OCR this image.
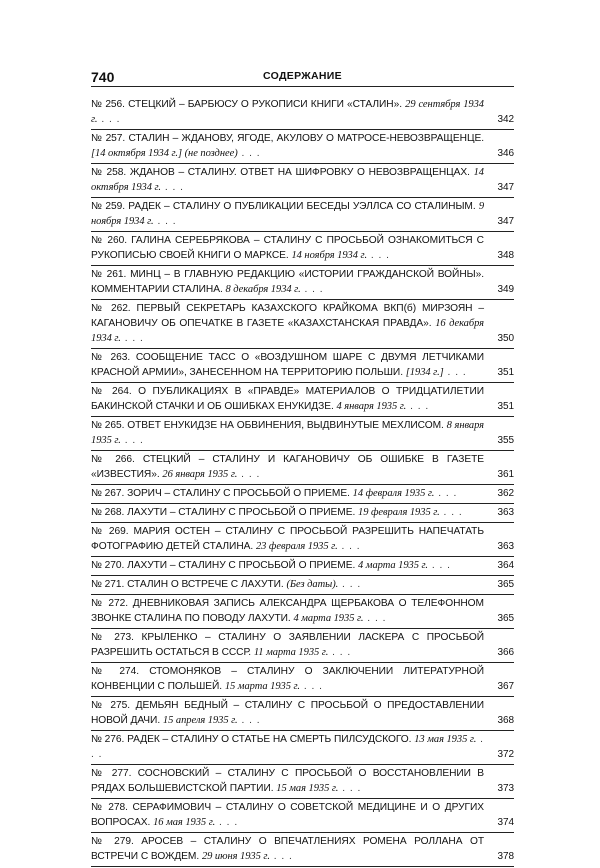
740	СОДЕРЖАНИЕ
№ 256. СТЕЦКИЙ – БАРБЮСУ О РУКОПИСИ КНИГИ «СТАЛИН». 29 сентября 1934 г. . . .	342
№ 257. СТАЛИН – ЖДАНОВУ, ЯГОДЕ, АКУЛОВУ О МАТРОСЕ-НЕВОЗВРАЩЕНЦЕ. [14 октября 1934 г.] (не позднее) . . .	346
№ 258. ЖДАНОВ – СТАЛИНУ. ОТВЕТ НА ШИФРОВКУ О НЕВОЗВРАЩЕНЦАХ. 14 октября 1934 г. . . .	347
№ 259. РАДЕК – СТАЛИНУ О ПУБЛИКАЦИИ БЕСЕДЫ УЭЛЛСА СО СТАЛИНЫМ. 9 ноября 1934 г. . . .	347
№ 260. ГАЛИНА СЕРЕБРЯКОВА – СТАЛИНУ С ПРОСЬБОЙ ОЗНАКОМИТЬСЯ С РУКОПИСЬЮ СВОЕЙ КНИГИ О МАРКСЕ. 14 ноября 1934 г. . . .	348
№ 261. МИНЦ – В ГЛАВНУЮ РЕДАКЦИЮ «ИСТОРИИ ГРАЖДАНСКОЙ ВОЙНЫ». КОММЕНТАРИИ СТАЛИНА. 8 декабря 1934 г. . . .	349
№ 262. ПЕРВЫЙ СЕКРЕТАРЬ КАЗАХСКОГО КРАЙКОМА ВКП(б) МИРЗОЯН – КАГАНОВИЧУ ОБ ОПЕЧАТКЕ В ГАЗЕТЕ «КАЗАХСТАНСКАЯ ПРАВДА». 16 декабря 1934 г. . . .	350
№ 263. СООБЩЕНИЕ ТАСС О «ВОЗДУШНОМ ШАРЕ С ДВУМЯ ЛЕТЧИКАМИ КРАСНОЙ АРМИИ», ЗАНЕСЕННОМ НА ТЕРРИТОРИЮ ПОЛЬШИ. [1934 г.] . . .	351
№ 264. О ПУБЛИКАЦИЯХ В «ПРАВДЕ» МАТЕРИАЛОВ О ТРИДЦАТИЛЕТИИ БАКИНСКОЙ СТАЧКИ И ОБ ОШИБКАХ ЕНУКИДЗЕ. 4 января 1935 г. . . .	351
№ 265. ОТВЕТ ЕНУКИДЗЕ НА ОБВИНЕНИЯ, ВЫДВИНУТЫЕ МЕХЛИСОМ. 8 января 1935 г. . . .	355
№ 266. СТЕЦКИЙ – СТАЛИНУ И КАГАНОВИЧУ ОБ ОШИБКЕ В ГАЗЕТЕ «ИЗВЕСТИЯ». 26 января 1935 г. . . .	361
№ 267. ЗОРИЧ – СТАЛИНУ С ПРОСЬБОЙ О ПРИЕМЕ. 14 февраля 1935 г. . . .	362
№ 268. ЛАХУТИ – СТАЛИНУ С ПРОСЬБОЙ О ПРИЕМЕ. 19 февраля 1935 г. . . .	363
№ 269. МАРИЯ ОСТЕН – СТАЛИНУ С ПРОСЬБОЙ РАЗРЕШИТЬ НАПЕЧАТАТЬ ФОТОГРАФИЮ ДЕТЕЙ СТАЛИНА. 23 февраля 1935 г. . . .	363
№ 270. ЛАХУТИ – СТАЛИНУ С ПРОСЬБОЙ О ПРИЕМЕ. 4 марта 1935 г. . . .	364
№ 271. СТАЛИН О ВСТРЕЧЕ С ЛАХУТИ. (Без даты). . . .	365
№ 272. ДНЕВНИКОВАЯ ЗАПИСЬ АЛЕКСАНДРА ЩЕРБАКОВА О ТЕЛЕФОННОМ ЗВОНКЕ СТАЛИНА ПО ПОВОДУ ЛАХУТИ. 4 марта 1935 г. . . .	365
№ 273. КРЫЛЕНКО – СТАЛИНУ О ЗАЯВЛЕНИИ ЛАСКЕРА С ПРОСЬБОЙ РАЗРЕШИТЬ ОСТАТЬСЯ В СССР. 11 марта 1935 г. . . .	366
№ 274. СТОМОНЯКОВ – СТАЛИНУ О ЗАКЛЮЧЕНИИ ЛИТЕРАТУРНОЙ КОНВЕНЦИИ С ПОЛЬШЕЙ. 15 марта 1935 г. . . .	367
№ 275. ДЕМЬЯН БЕДНЫЙ – СТАЛИНУ С ПРОСЬБОЙ О ПРЕДОСТАВЛЕНИИ НОВОЙ ДАЧИ. 15 апреля 1935 г. . . .	368
№ 276. РАДЕК – СТАЛИНУ О СТАТЬЕ НА СМЕРТЬ ПИЛСУДСКОГО. 13 мая 1935 г. . . .	372
№ 277. СОСНОВСКИЙ – СТАЛИНУ С ПРОСЬБОЙ О ВОССТАНОВЛЕНИИ В РЯДАХ БОЛЬШЕВИСТСКОЙ ПАРТИИ. 15 мая 1935 г. . . .	373
№ 278. СЕРАФИМОВИЧ – СТАЛИНУ О СОВЕТСКОЙ МЕДИЦИНЕ И О ДРУГИХ ВОПРОСАХ. 16 мая 1935 г. . . .	374
№ 279. АРОСЕВ – СТАЛИНУ О ВПЕЧАТЛЕНИЯХ РОМЕНА РОЛЛАНА ОТ ВСТРЕЧИ С ВОЖДЕМ. 29 июня 1935 г. . . .	378
